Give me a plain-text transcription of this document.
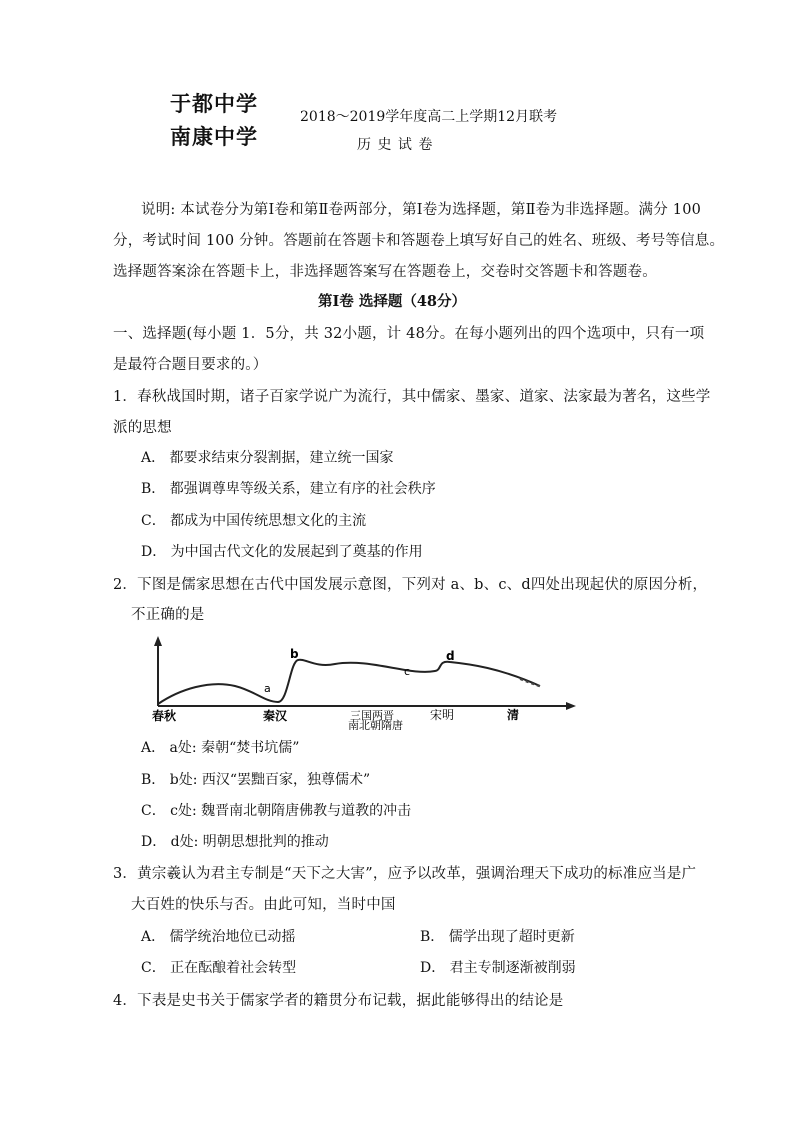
于都中学
南康中学
2018～2019学年度高二上学期12月联考
历 史 试 卷
说明: 本试卷分为第Ⅰ卷和第Ⅱ卷两部分，第Ⅰ卷为选择题，第Ⅱ卷为非选择题。满分 100
分，考试时间 100 分钟。答题前在答题卡和答题卷上填写好自己的姓名、班级、考号等信息。
选择题答案涂在答题卡上，非选择题答案写在答题卷上，交卷时交答题卡和答题卷。
第Ⅰ卷 选择题（48分）
一、选择题(每小题 1．5分，共 32小题，计 48分。在每小题列出的四个选项中，只有一项
是最符合题目要求的。）
1．春秋战国时期，诸子百家学说广为流行，其中儒家、墨家、道家、法家最为著名，这些学
派的思想
A． 都要求结束分裂割据，建立统一国家
B． 都强调尊卑等级关系，建立有序的社会秩序
C． 都成为中国传统思想文化的主流
D． 为中国古代文化的发展起到了奠基的作用
2．下图是儒家思想在古代中国发展示意图，下列对 a、b、c、d四处出现起伏的原因分析，
不正确的是
a
b
c
d
春秋	秦汉	三国两晋
南北朝隋唐
宋明	清
A． a处: 秦朝“焚书坑儒”
B． b处: 西汉“罢黜百家，独尊儒术”
C． c处: 魏晋南北朝隋唐佛教与道教的冲击
D． d处: 明朝思想批判的推动
3．黄宗羲认为君主专制是“天下之大害”，应予以改革，强调治理天下成功的标准应当是广
大百姓的快乐与否。由此可知，当时中国
A． 儒学统治地位已动摇	B． 儒学出现了超时更新
C． 正在酝酿着社会转型	D． 君主专制逐渐被削弱
4．下表是史书关于儒家学者的籍贯分布记载，据此能够得出的结论是
